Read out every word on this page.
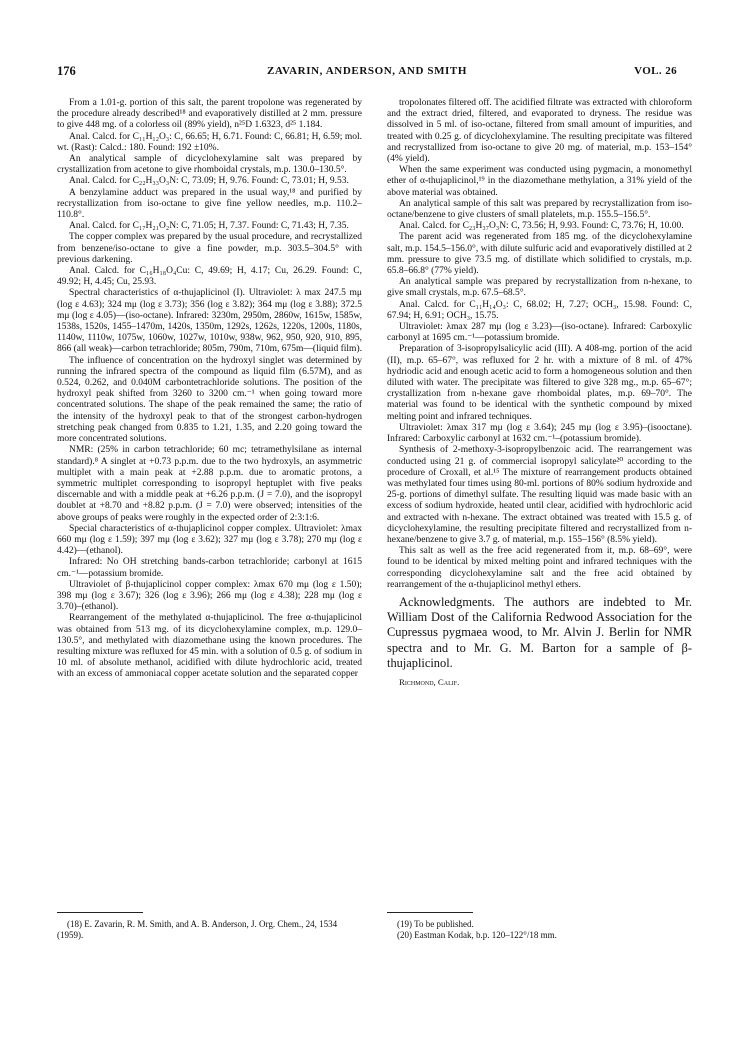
176	ZAVARIN, ANDERSON, AND SMITH	VOL. 26

From a 1.01-g. portion of this salt, the parent tropolone was regenerated by the procedure already described¹⁸ and evaporatively distilled at 2 mm. pressure to give 448 mg. of a colorless oil (89% yield), n²⁵D 1.6323, d²⁵ 1.184.

Anal. Calcd. for C₁₁H₁₂O₃: C, 66.65; H, 6.71. Found: C, 66.81; H, 6.59; mol. wt. (Rast): Calcd.: 180. Found: 192 ±10%.

An analytical sample of dicyclohexylamine salt was prepared by crystallization from acetone to give rhomboidal crystals, m.p. 130.0–130.5°.

Anal. Calcd. for C₂₂H₃₃O₃N: C, 73.09; H, 9.76. Found: C, 73.01; H, 9.53.

A benzylamine adduct was prepared in the usual way,¹⁸ and purified by recrystallization from iso-octane to give fine yellow needles, m.p. 110.2–110.8°.

Anal. Calcd. for C₁₇H₂₁O₂N: C, 71.05; H, 7.37. Found: C, 71.43; H, 7.35.

The copper complex was prepared by the usual procedure, and recrystallized from benzene/iso-octane to give a fine powder, m.p. 303.5–304.5° with previous darkening.

Anal. Calcd. for C₁₆H₁₈O₄Cu: C, 49.69; H, 4.17; Cu, 26.29. Found: C, 49.92; H, 4.45; Cu, 25.93.

Spectral characteristics of α-thujaplicinol (I). Ultraviolet: λ max 247.5 mμ (log ε 4.63); 324 mμ (log ε 3.73); 356 (log ε 3.82); 364 mμ (log ε 3.88); 372.5 mμ (log ε 4.05)—(iso-octane). Infrared: 3230m, 2950m, 2860w, 1615w, 1585w, 1538s, 1520s, 1455–1470m, 1420s, 1350m, 1292s, 1262s, 1220s, 1200s, 1180s, 1140w, 1110w, 1075w, 1060w, 1027w, 1010w, 938w, 962, 950, 920, 910, 895, 866 (all weak)—carbon tetrachloride; 805m, 790m, 710m, 675m—(liquid film).

The influence of concentration on the hydroxyl singlet was determined by running the infrared spectra of the compound as liquid film (6.57M), and as 0.524, 0.262, and 0.040M carbontetrachloride solutions. The position of the hydroxyl peak shifted from 3260 to 3200 cm.⁻¹ when going toward more concentrated solutions. The shape of the peak remained the same; the ratio of the intensity of the hydroxyl peak to that of the strongest carbon-hydrogen stretching peak changed from 0.835 to 1.21, 1.35, and 2.20 going toward the more concentrated solutions.

NMR: (25% in carbon tetrachloride; 60 mc; tetramethylsilane as internal standard).⁸ A singlet at +0.73 p.p.m. due to the two hydroxyls, an asymmetric multiplet with a main peak at +2.88 p.p.m. due to aromatic protons, a symmetric multiplet corresponding to isopropyl heptuplet with five peaks discernable and with a middle peak at +6.26 p.p.m. (J = 7.0), and the isopropyl doublet at +8.70 and +8.82 p.p.m. (J = 7.0) were observed; intensities of the above groups of peaks were roughly in the expected order of 2:3:1:6.

Special characteristics of α-thujaplicinol copper complex. Ultraviolet: λmax 660 mμ (log ε 1.59); 397 mμ (log ε 3.62); 327 mμ (log ε 3.78); 270 mμ (log ε 4.42)—(ethanol).

Infrared: No OH stretching bands-carbon tetrachloride; carbonyl at 1615 cm.⁻¹—potassium bromide.

Ultraviolet of β-thujaplicinol copper complex: λmax 670 mμ (log ε 1.50); 398 mμ (log ε 3.67); 326 (log ε 3.96); 266 mμ (log ε 4.38); 228 mμ (log ε 3.70)–(ethanol).

Rearrangement of the methylated α-thujaplicinol. The free α-thujaplicinol was obtained from 513 mg. of its dicyclohexylamine complex, m.p. 129.0–130.5°, and methylated with diazomethane using the known procedures. The resulting mixture was refluxed for 45 min. with a solution of 0.5 g. of sodium in 10 ml. of absolute methanol, acidified with dilute hydrochloric acid, treated with an excess of ammoniacal copper acetate solution and the separated copper

tropolonates filtered off. The acidified filtrate was extracted with chloroform and the extract dried, filtered, and evaporated to dryness. The residue was dissolved in 5 ml. of iso-octane, filtered from small amount of impurities, and treated with 0.25 g. of dicyclohexylamine. The resulting precipitate was filtered and recrystallized from iso-octane to give 20 mg. of material, m.p. 153–154° (4% yield).

When the same experiment was conducted using pygmacin, a monomethyl ether of α-thujaplicinol,¹⁹ in the diazomethane methylation, a 31% yield of the above material was obtained.

An analytical sample of this salt was prepared by recrystallization from iso-octane/benzene to give clusters of small platelets, m.p. 155.5–156.5°.

Anal. Calcd. for C₂₃H₃₇O₃N: C, 73.56; H, 9.93. Found: C, 73.76; H, 10.00.

The parent acid was regenerated from 185 mg. of the dicyclohexylamine salt, m.p. 154.5–156.0°, with dilute sulfuric acid and evaporatively distilled at 2 mm. pressure to give 73.5 mg. of distillate which solidified to crystals, m.p. 65.8–66.8° (77% yield).

An analytical sample was prepared by recrystallization from n-hexane, to give small crystals, m.p. 67.5–68.5°.

Anal. Calcd. for C₁₁H₁₄O₃: C, 68.02; H, 7.27; OCH₃, 15.98. Found: C, 67.94; H, 6.91; OCH₃, 15.75.

Ultraviolet: λmax 287 mμ (log ε 3.23)—(iso-octane). Infrared: Carboxylic carbonyl at 1695 cm.⁻¹—potassium bromide.

Preparation of 3-isopropylsalicylic acid (III). A 408-mg. portion of the acid (II), m.p. 65–67°, was refluxed for 2 hr. with a mixture of 8 ml. of 47% hydriodic acid and enough acetic acid to form a homogeneous solution and then diluted with water. The precipitate was filtered to give 328 mg., m.p. 65–67°; crystallization from n-hexane gave rhomboidal plates, m.p. 69–70°. The material was found to be identical with the synthetic compound by mixed melting point and infrared techniques.

Ultraviolet: λmax 317 mμ (log ε 3.64); 245 mμ (log ε 3.95)–(isooctane). Infrared: Carboxylic carbonyl at 1632 cm.⁻¹–(potassium bromide).

Synthesis of 2-methoxy-3-isopropylbenzoic acid. The rearrangement was conducted using 21 g. of commercial isopropyl salicylate²⁰ according to the procedure of Croxall, et al.¹⁵ The mixture of rearrangement products obtained was methylated four times using 80-ml. portions of 80% sodium hydroxide and 25-g. portions of dimethyl sulfate. The resulting liquid was made basic with an excess of sodium hydroxide, heated until clear, acidified with hydrochloric acid and extracted with n-hexane. The extract obtained was treated with 15.5 g. of dicyclohexylamine, the resulting precipitate filtered and recrystallized from n-hexane/benzene to give 3.7 g. of material, m.p. 155–156° (8.5% yield).

This salt as well as the free acid regenerated from it, m.p. 68–69°, were found to be identical by mixed melting point and infrared techniques with the corresponding dicyclohexylamine salt and the free acid obtained by rearrangement of the α-thujaplicinol methyl ethers.

Acknowledgments. The authors are indebted to Mr. William Dost of the California Redwood Association for the Cupressus pygmaea wood, to Mr. Alvin J. Berlin for NMR spectra and to Mr. G. M. Barton for a sample of β-thujaplicinol.

Richmond, Calif.

(18) E. Zavarin, R. M. Smith, and A. B. Anderson, J. Org. Chem., 24, 1534 (1959).
(19) To be published.
(20) Eastman Kodak, b.p. 120–122°/18 mm.
